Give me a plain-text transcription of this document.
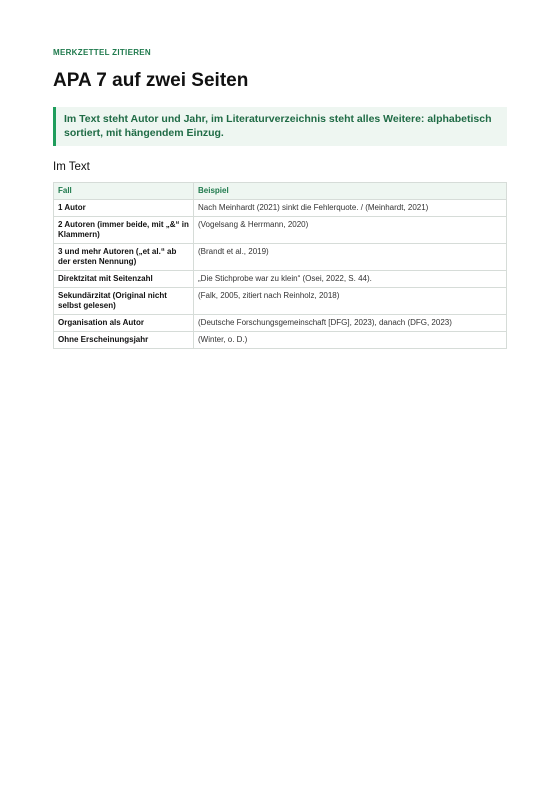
MERKZETTEL ZITIEREN

APA 7 auf zwei Seiten
Im Text steht Autor und Jahr, im Literaturverzeichnis steht alles Weitere: alphabetisch sortiert, mit hängendem Einzug.
Im Text
Fall	Beispiel
1 Autor	Nach Meinhardt (2021) sinkt die Fehlerquote. / (Meinhardt, 2021)
2 Autoren (immer beide, mit „&“ in Klammern)	(Vogelsang & Herrmann, 2020)
3 und mehr Autoren („et al.“ ab der ersten Nennung)	(Brandt et al., 2019)
Direktzitat mit Seitenzahl	„Die Stichprobe war zu klein“ (Osei, 2022, S. 44).
Sekundärzitat (Original nicht selbst gelesen)	(Falk, 2005, zitiert nach Reinholz, 2018)
Organisation als Autor	(Deutsche Forschungsgemeinschaft [DFG], 2023), danach (DFG, 2023)
Ohne Erscheinungsjahr	(Winter, o. D.)
